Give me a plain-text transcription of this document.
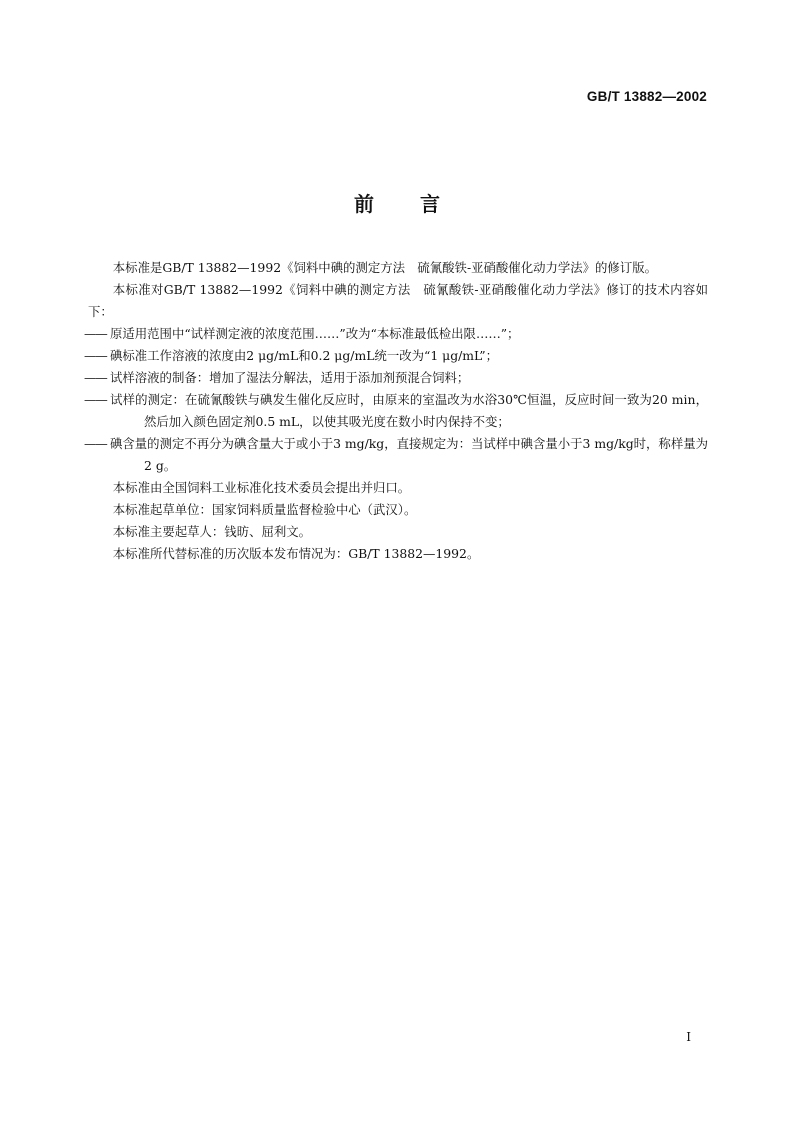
GB/T 13882—2002
前言

本标准是GB/T 13882—1992《饲料中碘的测定方法　硫氰酸铁-亚硝酸催化动力学法》的修订版。

本标准对GB/T 13882—1992《饲料中碘的测定方法　硫氰酸铁-亚硝酸催化动力学法》修订的技术内容如下：

—— 原适用范围中“试样测定液的浓度范围……”改为“本标准最低检出限……”；

—— 碘标准工作溶液的浓度由2 μg/mL和0.2 μg/mL统一改为“1 μg/mL”；

—— 试样溶液的制备：增加了湿法分解法，适用于添加剂预混合饲料；

—— 试样的测定：在硫氰酸铁与碘发生催化反应时，由原来的室温改为水浴30℃恒温，反应时间一致为20 min，然后加入颜色固定剂0.5 mL，以使其吸光度在数小时内保持不变；

—— 碘含量的测定不再分为碘含量大于或小于3 mg/kg，直接规定为：当试样中碘含量小于3 mg/kg时，称样量为2 g。

本标准由全国饲料工业标准化技术委员会提出并归口。

本标准起草单位：国家饲料质量监督检验中心（武汉）。

本标准主要起草人：钱昉、屈利文。

本标准所代替标准的历次版本发布情况为：GB/T 13882—1992。

I
